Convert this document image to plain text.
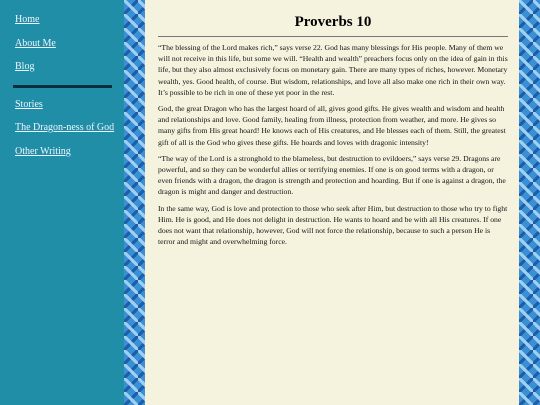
Home
About Me
Blog
Stories
The Dragon-ness of God
Other Writing
Proverbs 10

“The blessing of the Lord makes rich,” says verse 22. God has many blessings for His people. Many of them we will not receive in this life, but some we will. “Health and wealth” preachers focus only on the idea of gain in this life, but they also almost exclusively focus on monetary gain. There are many types of riches, however. Monetary wealth, yes. Good health, of course. But wisdom, relationships, and love all also make one rich in their own way. It’s possible to be rich in one of these yet poor in the rest.

God, the great Dragon who has the largest hoard of all, gives good gifts. He gives wealth and wisdom and health and relationships and love. Good family, healing from illness, protection from weather, and more. He gives so many gifts from His great hoard! He knows each of His creatures, and He blesses each of them. Still, the greatest gift of all is the God who gives these gifts. He hoards and loves with dragonic intensity!

“The way of the Lord is a stronghold to the blameless, but destruction to evildoers,” says verse 29. Dragons are powerful, and so they can be wonderful allies or terrifying enemies. If one is on good terms with a dragon, or even friends with a dragon, the dragon is strength and protection and hoarding. But if one is against a dragon, the dragon is might and danger and destruction.

In the same way, God is love and protection to those who seek after Him, but destruction to those who try to fight Him. He is good, and He does not delight in destruction. He wants to hoard and be with all His creatures. If one does not want that relationship, however, God will not force the relationship, because to such a person He is terror and might and overwhelming force.
